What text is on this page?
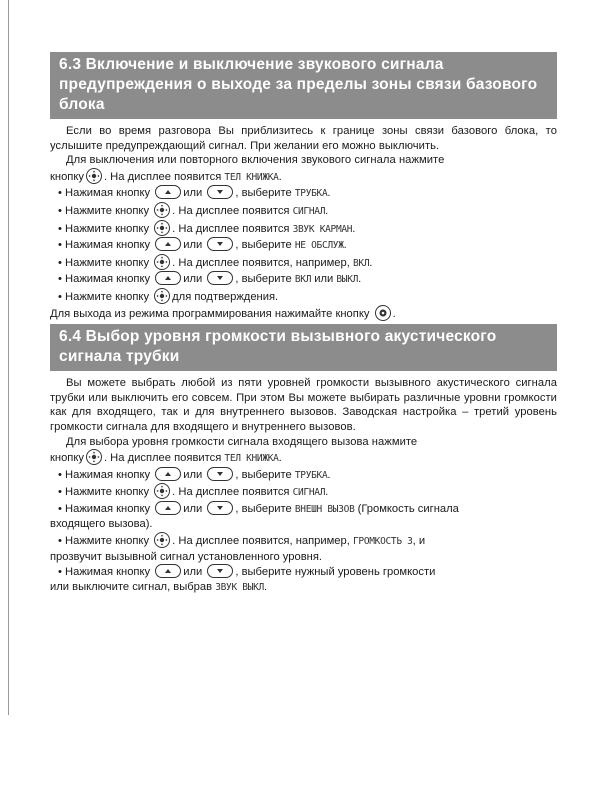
6.3 Включение и выключение звукового сигнала предупреждения о выходе за пределы зоны связи базового блока

Если во время разговора Вы приблизитесь к границе зоны связи базового блока, то услышите предупреждающий сигнал. При желании его можно выключить.

Для выключения или повторного включения звукового сигнала нажмите

кнопку . На дисплее появится ТЕЛ КНИЖКА.

• Нажимая кнопку	или	, выберите ТРУБКА.

• Нажмите кнопку . На дисплее появится СИГНАЛ.

• Нажмите кнопку . На дисплее появится ЗВУК КАРМАН.

• Нажимая кнопку	или	, выберите НЕ ОБСЛУЖ.

• Нажмите кнопку . На дисплее появится, например, ВКЛ.

• Нажимая кнопку	или	, выберите ВКЛ или ВЫКЛ.

• Нажмите кнопку для подтверждения.

Для выхода из режима программирования нажимайте кнопку .

6.4 Выбор уровня громкости вызывного акустического сигнала трубки

Вы можете выбрать любой из пяти уровней громкости вызывного акустического сигнала трубки или выключить его совсем. При этом Вы можете выбирать различные уровни громкости как для входящего, так и для внутреннего вызовов. Заводская настройка – третий уровень громкости сигнала для входящего и внутреннего вызовов.

Для выбора уровня громкости сигнала входящего вызова нажмите

кнопку . На дисплее появится ТЕЛ КНИЖКА.

• Нажимая кнопку	или	, выберите ТРУБКА.

• Нажмите кнопку . На дисплее появится СИГНАЛ.

• Нажимая кнопку	или	, выберите ВНЕШН ВЫЗОВ (Громкость сигнала

входящего вызова).

• Нажмите кнопку . На дисплее появится, например, ГРОМКОСТЬ 3, и

прозвучит вызывной сигнал установленного уровня.

• Нажимая кнопку	или	, выберите нужный уровень громкости

или выключите сигнал, выбрав ЗВУК ВЫКЛ.
